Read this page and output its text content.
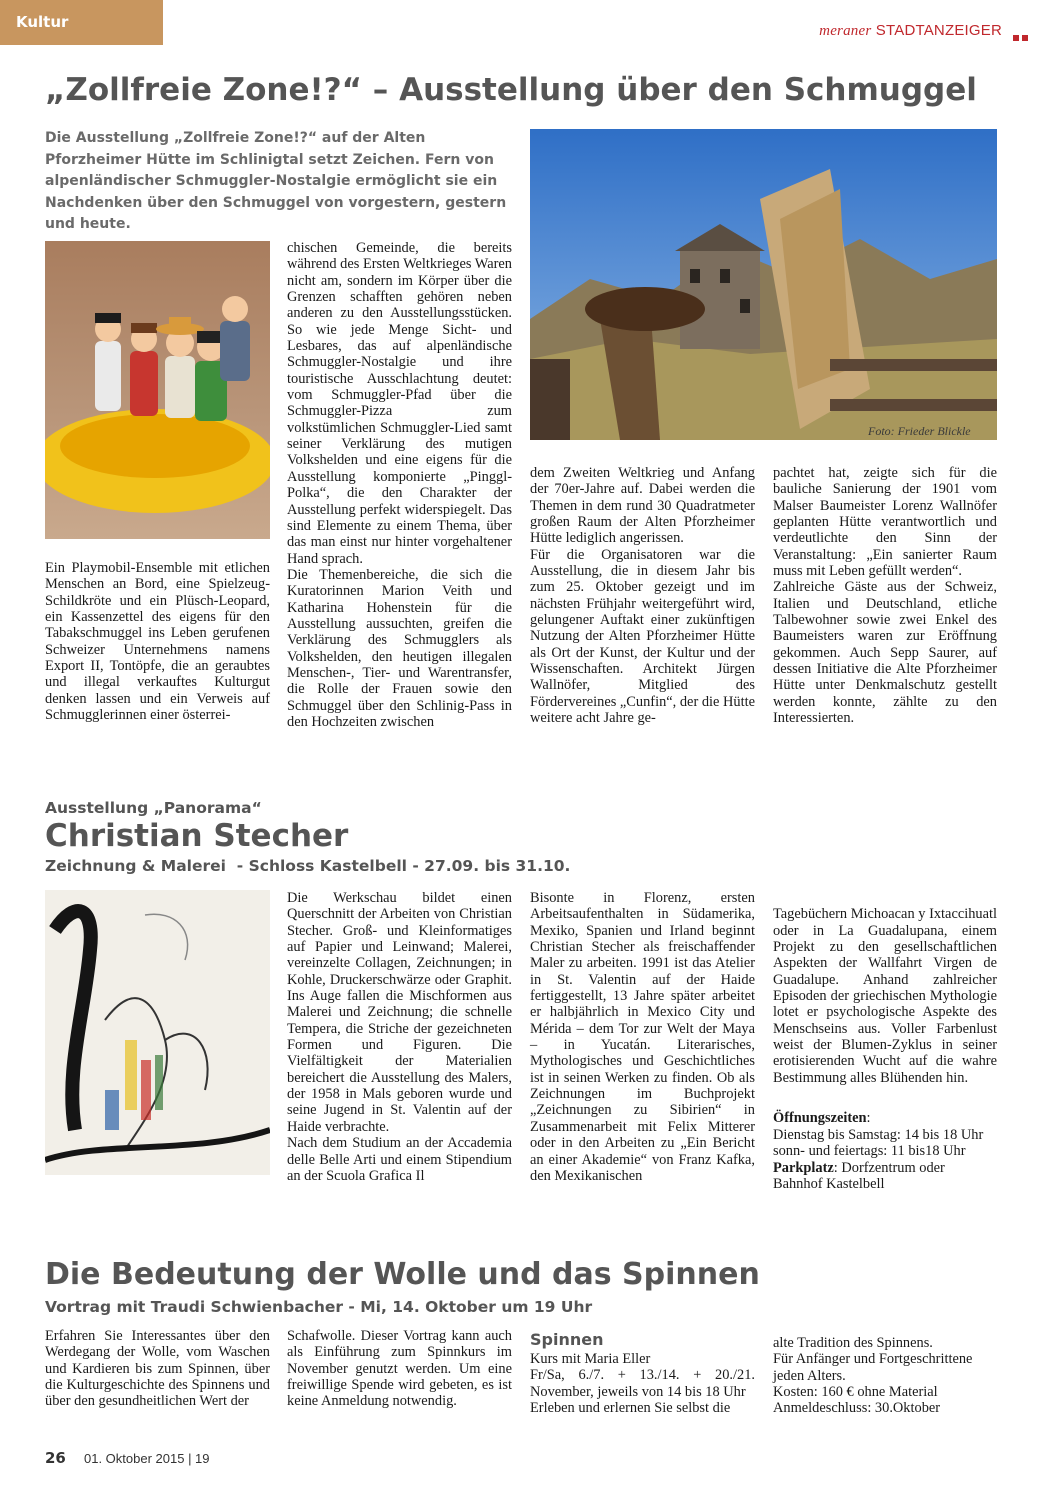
Kultur	meraner STADTANZEIGER
„Zollfreie Zone!?“ – Ausstellung über den Schmuggel
Die Ausstellung „Zollfreie Zone!?“ auf der Alten Pforzheimer Hütte im Schlinigtal setzt Zeichen. Fern von alpenländischer Schmuggler-Nostalgie ermöglicht sie ein Nachdenken über den Schmuggel von vorgestern, gestern und heute.
Foto: Frieder Blickle
Ein Playmobil-Ensemble mit etlichen Menschen an Bord, eine Spielzeug-Schildkröte und ein Plüsch-Leopard, ein Kassenzettel des eigens für den Tabakschmuggel ins Leben gerufenen Schweizer Unternehmens namens Export II, Tontöpfe, die an geraubtes und illegal verkauftes Kulturgut denken lassen und ein Verweis auf Schmugglerinnen einer österrei-
chischen Gemeinde, die bereits während des Ersten Weltkrieges Waren nicht am, sondern im Körper über die Grenzen schafften gehören neben anderen zu den Ausstellungsstücken. So wie jede Menge Sicht- und Lesbares, das auf alpenländische Schmuggler-Nostalgie und ihre touristische Ausschlachtung deutet: vom Schmuggler-Pfad über die Schmuggler-Pizza zum volkstümlichen Schmuggler-Lied samt seiner Verklärung des mutigen Volkshelden und eine eigens für die Ausstellung komponierte „Pinggl-Polka“, die den Charakter der Ausstellung perfekt widerspiegelt. Das sind Elemente zu einem Thema, über das man einst nur hinter vorgehaltener Hand sprach.
Die Themenbereiche, die sich die Kuratorinnen Marion Veith und Katharina Hohenstein für die Ausstellung aussuchten, greifen die Verklärung des Schmugglers als Volkshelden, den heutigen illegalen Menschen-, Tier- und Warentransfer, die Rolle der Frauen sowie den Schmuggel über den Schlinig-Pass in den Hochzeiten zwischen
dem Zweiten Weltkrieg und Anfang der 70er-Jahre auf. Dabei werden die Themen in dem rund 30 Quadratmeter großen Raum der Alten Pforzheimer Hütte lediglich angerissen.
Für die Organisatoren war die Ausstellung, die in diesem Jahr bis zum 25. Oktober gezeigt und im nächsten Frühjahr weitergeführt wird, gelungener Auftakt einer zukünftigen Nutzung der Alten Pforzheimer Hütte als Ort der Kunst, der Kultur und der Wissenschaften. Architekt Jürgen Wallnöfer, Mitglied des Fördervereines „Cunfin“, der die Hütte weitere acht Jahre ge-
pachtet hat, zeigte sich für die bauliche Sanierung der 1901 vom Malser Baumeister Lorenz Wallnöfer geplanten Hütte verantwortlich und verdeutlichte den Sinn der Veranstaltung: „Ein sanierter Raum muss mit Leben gefüllt werden“.
Zahlreiche Gäste aus der Schweiz, Italien und Deutschland, etliche Talbewohner sowie zwei Enkel des Baumeisters waren zur Eröffnung gekommen. Auch Sepp Saurer, auf dessen Initiative die Alte Pforzheimer Hütte unter Denkmalschutz gestellt werden konnte, zählte zu den Interessierten.
Ausstellung „Panorama“
Christian Stecher
Zeichnung & Malerei  - Schloss Kastelbell - 27.09. bis 31.10.
Die Werkschau bildet einen Querschnitt der Arbeiten von Christian Stecher. Groß- und Kleinformatiges auf Papier und Leinwand; Malerei, vereinzelte Collagen, Zeichnungen; in Kohle, Druckerschwärze oder Graphit. Ins Auge fallen die Mischformen aus Malerei und Zeichnung; die schnelle Tempera, die Striche der gezeichneten Formen und Figuren. Die Vielfältigkeit der Materialien bereichert die Ausstellung des Malers, der 1958 in Mals geboren wurde und seine Jugend in St. Valentin auf der Haide verbrachte.
Nach dem Studium an der Accademia delle Belle Arti und einem Stipendium an der Scuola Grafica Il
Bisonte in Florenz, ersten Arbeitsaufenthalten in Südamerika, Mexiko, Spanien und Irland beginnt Christian Stecher als freischaffender Maler zu arbeiten. 1991 ist das Atelier in St. Valentin auf der Haide fertiggestellt, 13 Jahre später arbeitet er halbjährlich in Mexico City und Mérida – dem Tor zur Welt der Maya – in Yucatán. Literarisches, Mythologisches und Geschichtliches ist in seinen Werken zu finden. Ob als Zeichnungen im Buchprojekt „Zeichnungen zu Sibirien“ in Zusammenarbeit mit Felix Mitterer oder in den Arbeiten zu „Ein Bericht an einer Akademie“ von Franz Kafka, den Mexikanischen

Tagebüchern Michoacan y Ixtaccihuatl oder in La Guadalupana, einem Projekt zu den gesellschaftlichen Aspekten der Wallfahrt Virgen de Guadalupe. Anhand zahlreicher Episoden der griechischen Mythologie lotet er psychologische Aspekte des Menschseins aus. Voller Farbenlust weist der Blumen-Zyklus in seiner erotisierenden Wucht auf die wahre Bestimmung alles Blühenden hin.

Öffnungszeiten:
Dienstag bis Samstag: 14 bis 18 Uhr
sonn- und feiertags: 11 bis18 Uhr
Parkplatz: Dorfzentrum oder Bahnhof Kastelbell

Die Bedeutung der Wolle und das Spinnen
Vortrag mit Traudi Schwienbacher - Mi, 14. Oktober um 19 Uhr
Erfahren Sie Interessantes über den Werdegang der Wolle, vom Waschen und Kardieren bis zum Spinnen, über die Kulturgeschichte des Spinnens und über den gesundheitlichen Wert der
Schafwolle. Dieser Vortrag kann auch als Einführung zum Spinnkurs im November genutzt werden. Um eine freiwillige Spende wird gebeten, es ist keine Anmeldung notwendig.
Spinnen
Kurs mit Maria Eller
Fr/Sa, 6./7. + 13./14. + 20./21. November, jeweils von 14 bis 18 Uhr
Erleben und erlernen Sie selbst die
alte Tradition des Spinnens.
Für Anfänger und Fortgeschrittene jeden Alters.
Kosten: 160 € ohne Material
Anmeldeschluss: 30.Oktober
26 01. Oktober 2015 | 19
